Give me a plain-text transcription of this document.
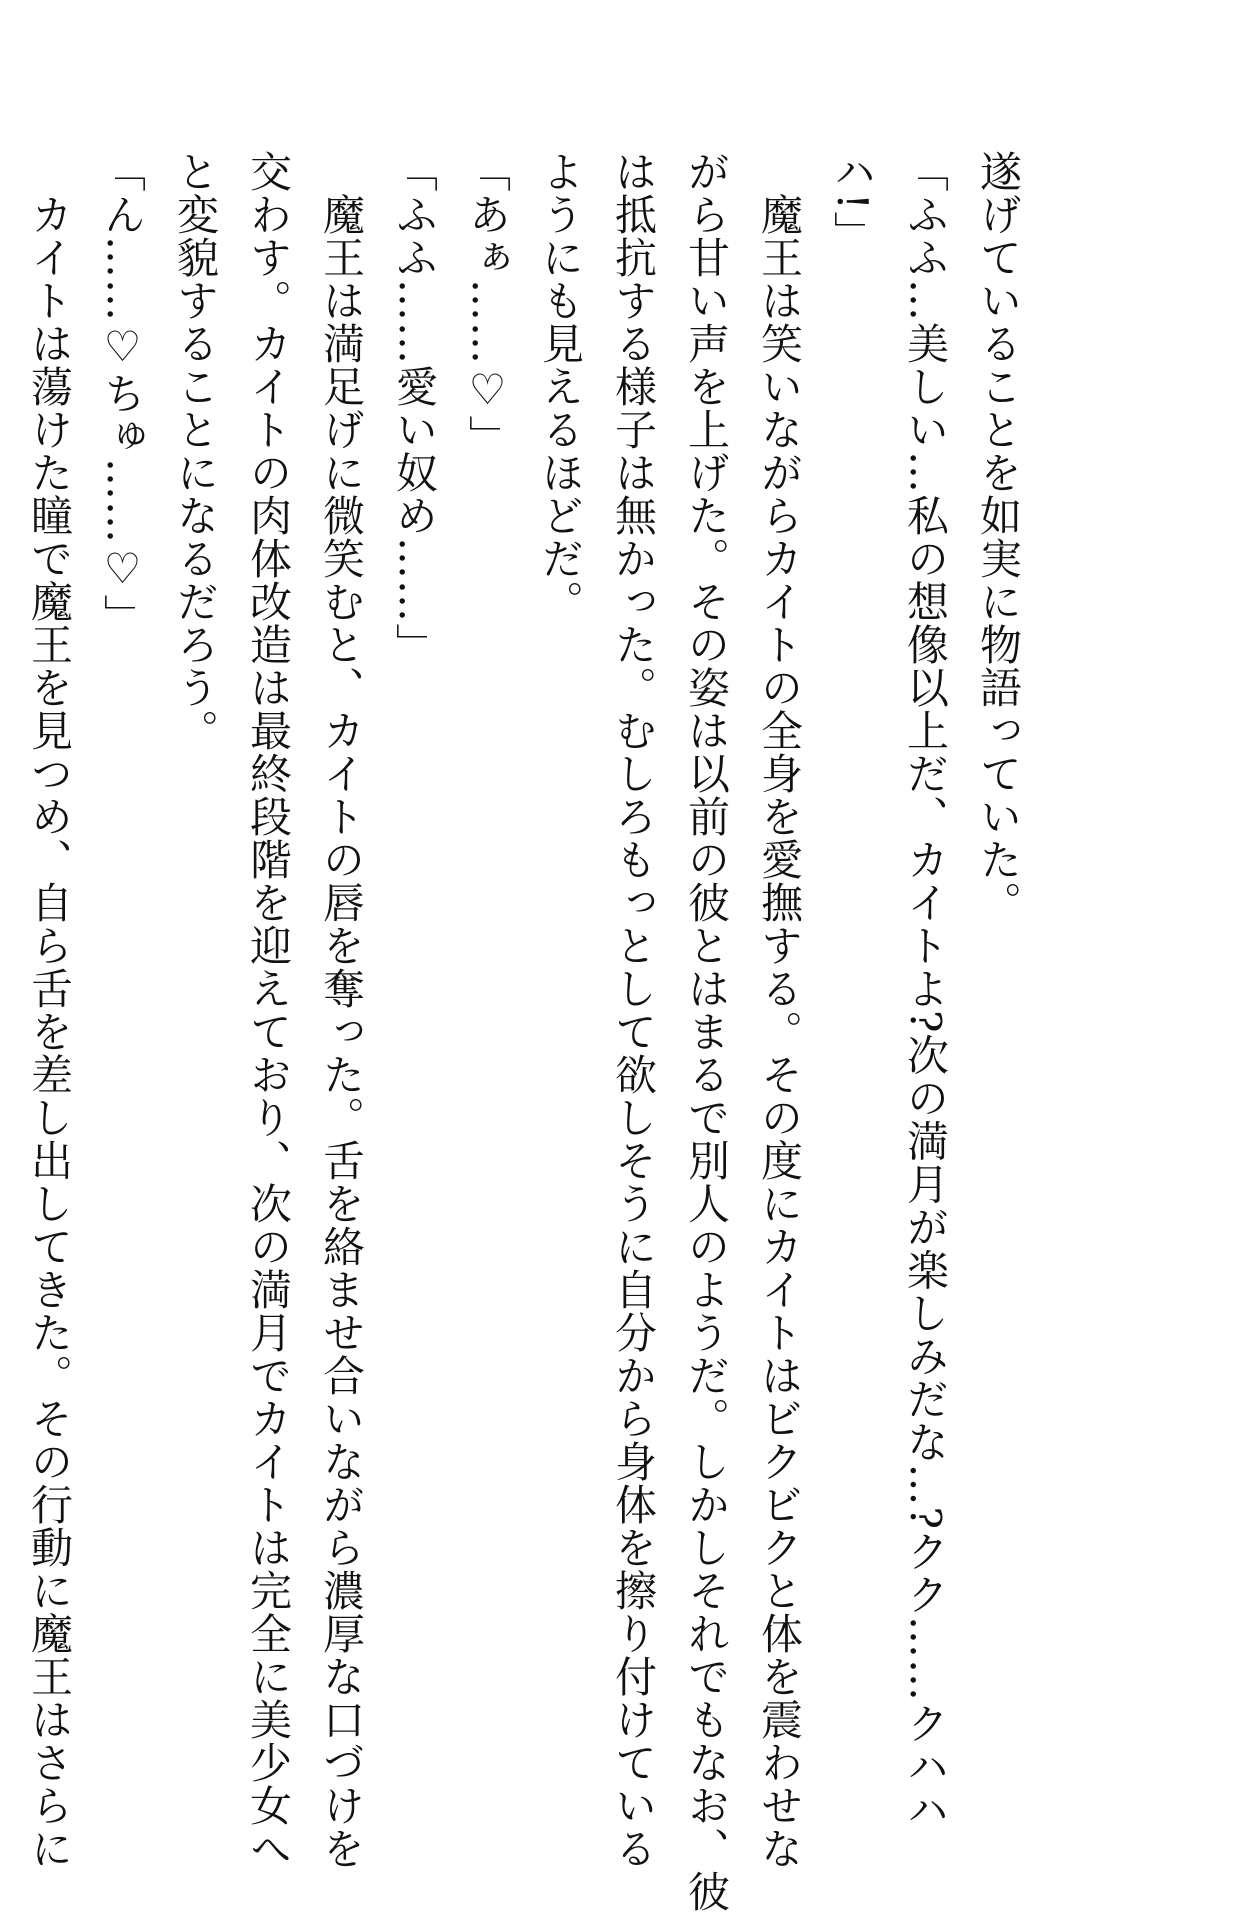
遂げていることを如実に物語っていた。
「ふふ…美しい…私の想像以上だ、カイトよ?次の満月が楽しみだな…?クク……クハハ
ハ!」
　魔王は笑いながらカイトの全身を愛撫する。その度にカイトはビクビクと体を震わせな
がら甘い声を上げた。その姿は以前の彼とはまるで別人のようだ。しかしそれでもなお、彼
は抵抗する様子は無かった。むしろもっとして欲しそうに自分から身体を擦り付けている
ようにも見えるほどだ。
「あぁ……♡」
「ふふ……愛い奴め……」
　魔王は満足げに微笑むと、カイトの唇を奪った。舌を絡ませ合いながら濃厚な口づけを
交わす。カイトの肉体改造は最終段階を迎えており、次の満月でカイトは完全に美少女へ
と変貌することになるだろう。
「ん……♡ちゅ……♡」
　カイトは蕩けた瞳で魔王を見つめ、自ら舌を差し出してきた。その行動に魔王はさらに
